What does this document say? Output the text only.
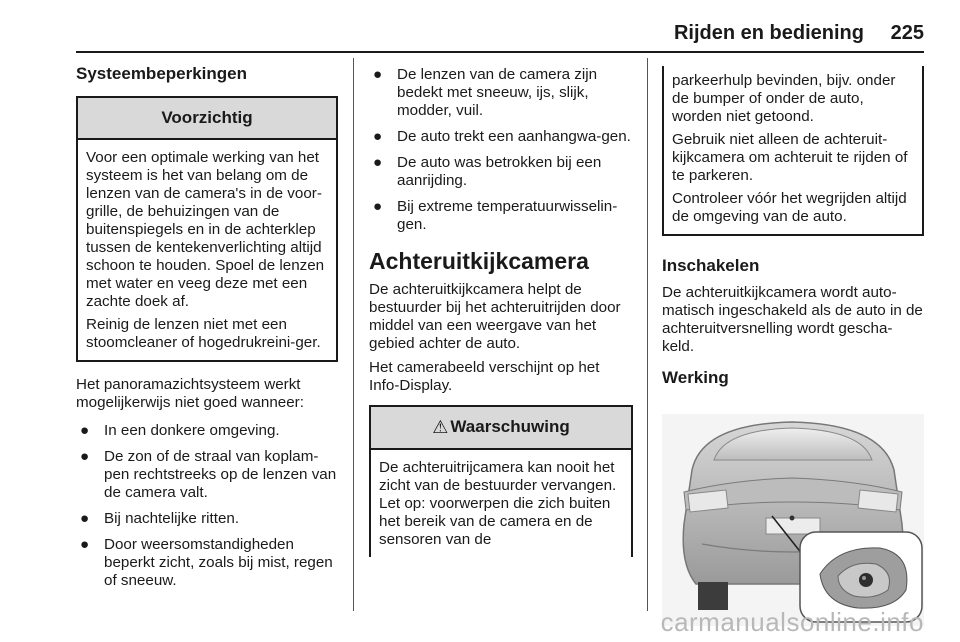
Rijden en bediening 225
Systeembeperkingen
Voorzichtig

Voor een optimale werking van het systeem is het van belang om de lenzen van de camera's in de voor-grille, de behuizingen van de buitenspiegels en in de achterklep tussen de kentekenverlichting altijd schoon te houden. Spoel de lenzen met water en veeg deze met een zachte doek af.

Reinig de lenzen niet met een stoomcleaner of hogedrukreini-ger.

Het panoramazichtsysteem werkt mogelijkerwijs niet goed wanneer:

● In een donkere omgeving.
● De zon of de straal van koplam-pen rechtstreeks op de lenzen van de camera valt.
● Bij nachtelijke ritten.
● Door weersomstandigheden beperkt zicht, zoals bij mist, regen of sneeuw.
● De lenzen van de camera zijn bedekt met sneeuw, ijs, slijk, modder, vuil.
● De auto trekt een aanhangwa-gen.
● De auto was betrokken bij een aanrijding.
● Bij extreme temperatuurwisselin-gen.
Achteruitkijkcamera

De achteruitkijkcamera helpt de bestuurder bij het achteruitrijden door middel van een weergave van het gebied achter de auto.

Het camerabeeld verschijnt op het Info-Display.

⚠ Waarschuwing

De achteruitrijcamera kan nooit het zicht van de bestuurder vervangen. Let op: voorwerpen die zich buiten het bereik van de camera en de sensoren van de

parkeerhulp bevinden, bijv. onder de bumper of onder de auto, worden niet getoond.

Gebruik niet alleen de achteruit-kijkcamera om achteruit te rijden of te parkeren.

Controleer vóór het wegrijden altijd de omgeving van de auto.

Inschakelen

De achteruitkijkcamera wordt auto-matisch ingeschakeld als de auto in de achteruitversnelling wordt gescha-keld.

Werking
carmanualsonline.info
